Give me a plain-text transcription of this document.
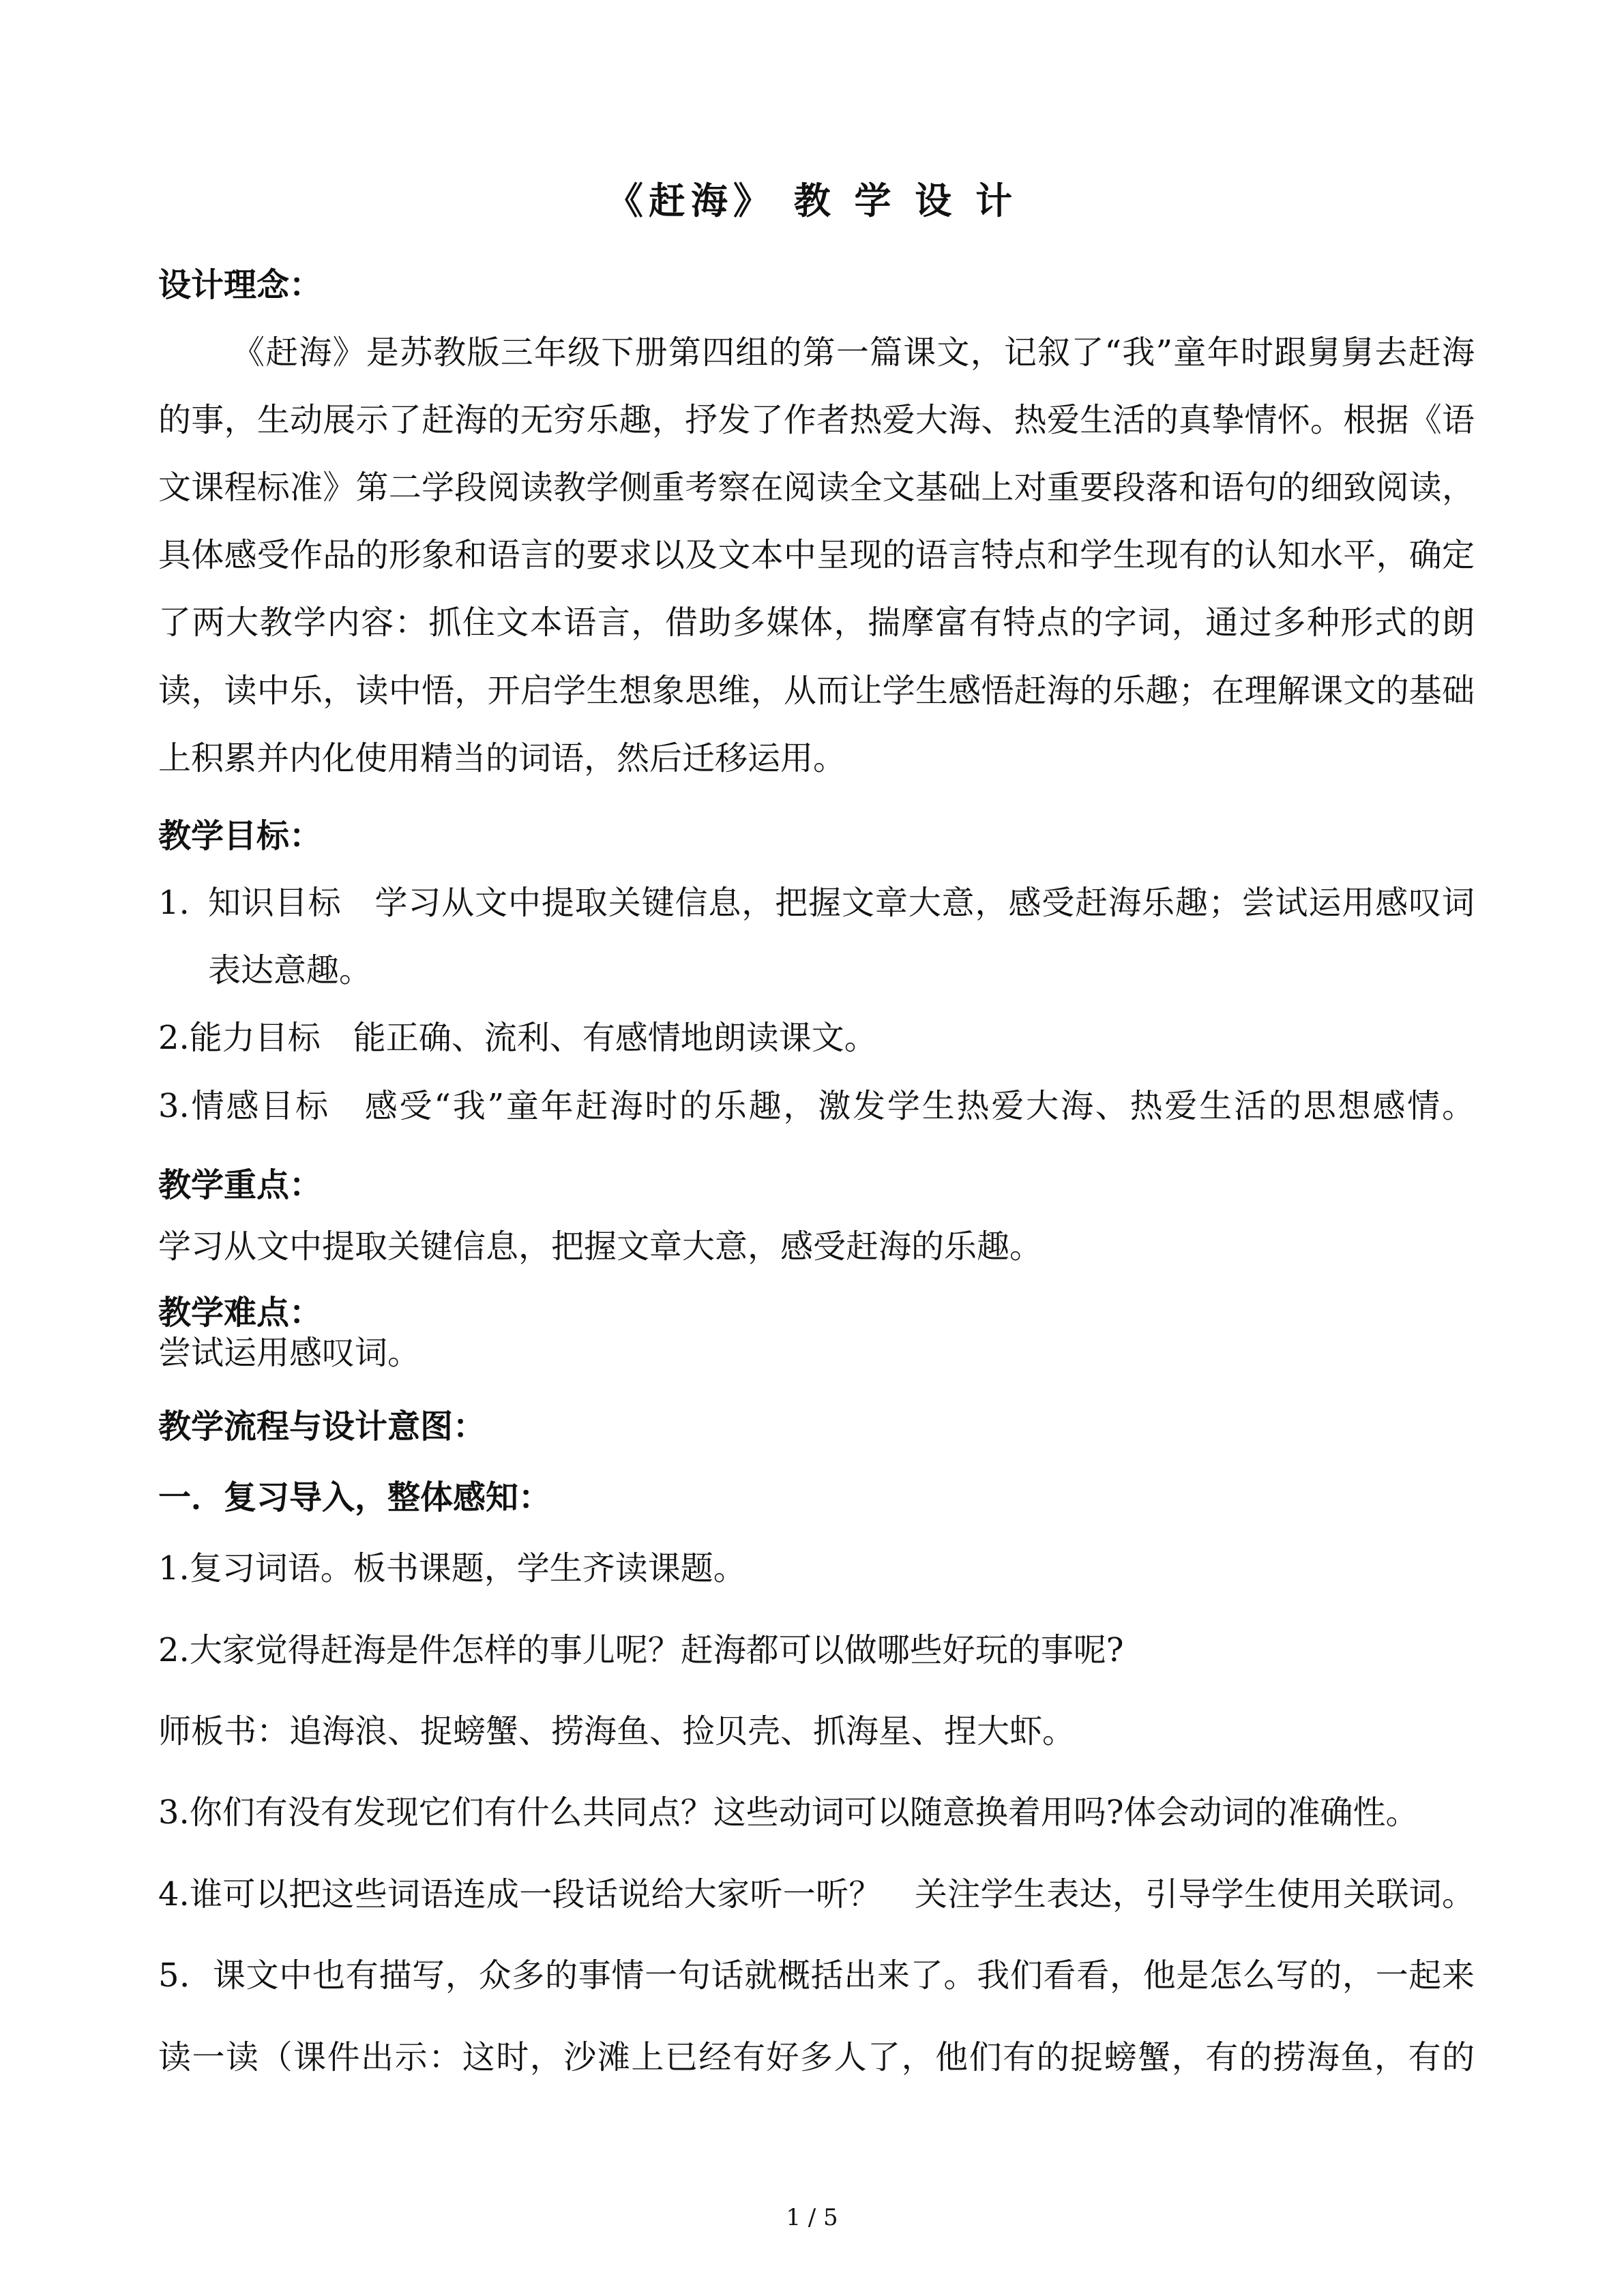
《赶海》 教 学 设 计
设计理念：
《赶海》是苏教版三年级下册第四组的第一篇课文，记叙了“我”童年时跟舅舅去赶海
的事，生动展示了赶海的无穷乐趣，抒发了作者热爱大海、热爱生活的真挚情怀。根据《语
文课程标准》第二学段阅读教学侧重考察在阅读全文基础上对重要段落和语句的细致阅读，
具体感受作品的形象和语言的要求以及文本中呈现的语言特点和学生现有的认知水平，确定
了两大教学内容：抓住文本语言，借助多媒体，揣摩富有特点的字词，通过多种形式的朗
读，读中乐，读中悟，开启学生想象思维，从而让学生感悟赶海的乐趣；在理解课文的基础
上积累并内化使用精当的词语，然后迁移运用。
教学目标：
1. 知识目标　学习从文中提取关键信息，把握文章大意，感受赶海乐趣；尝试运用感叹词
表达意趣。
2.能力目标　能正确、流利、有感情地朗读课文。
3.情感目标　感受“我”童年赶海时的乐趣，激发学生热爱大海、热爱生活的思想感情。
教学重点：
学习从文中提取关键信息，把握文章大意，感受赶海的乐趣。
教学难点：
尝试运用感叹词。
教学流程与设计意图：
一．复习导入，整体感知：
1.复习词语。板书课题，学生齐读课题。
2.大家觉得赶海是件怎样的事儿呢？赶海都可以做哪些好玩的事呢?
师板书：追海浪、捉螃蟹、捞海鱼、捡贝壳、抓海星、捏大虾。
3.你们有没有发现它们有什么共同点？这些动词可以随意换着用吗?体会动词的准确性。
4.谁可以把这些词语连成一段话说给大家听一听？　关注学生表达，引导学生使用关联词。
5．课文中也有描写，众多的事情一句话就概括出来了。我们看看，他是怎么写的，一起来
读一读（课件出示：这时，沙滩上已经有好多人了，他们有的捉螃蟹，有的捞海鱼，有的
1 / 5
